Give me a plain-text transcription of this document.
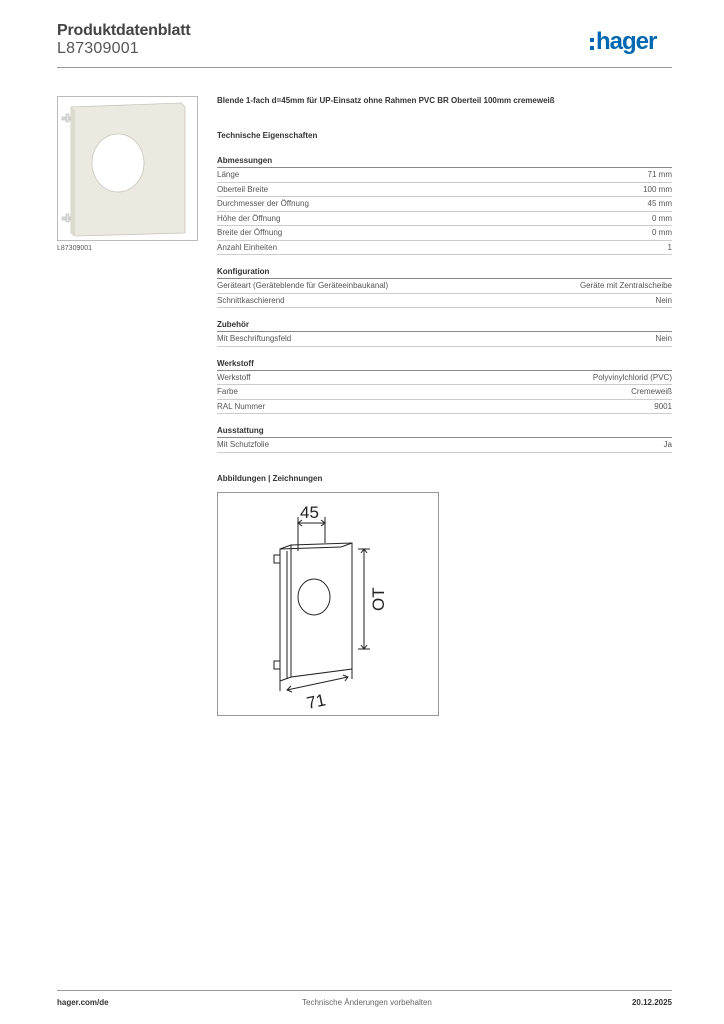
Produktdatenblatt
L87309001	hager
L87309001
Blende 1-fach d=45mm für UP-Einsatz ohne Rahmen PVC BR Oberteil 100mm cremeweiß
Technische Eigenschaften
Abmessungen
Länge	71 mm
Oberteil Breite	100 mm
Durchmesser der Öffnung	45 mm
Höhe der Öffnung	0 mm
Breite der Öffnung	0 mm
Anzahl Einheiten	1
Konfiguration
Geräteart (Geräteblende für Geräteeinbaukanal)	Geräte mit Zentralscheibe
Schnittkaschierend	Nein
Zubehör
Mit Beschriftungsfeld	Nein
Werkstoff
Werkstoff	Polyvinylchlorid (PVC)
Farbe	Cremeweiß
RAL Nummer	9001
Ausstattung
Mit Schutzfolie	Ja
Abbildungen | Zeichnungen
45
OT
71
hager.com/de	Technische Änderungen vorbehalten	20.12.2025
